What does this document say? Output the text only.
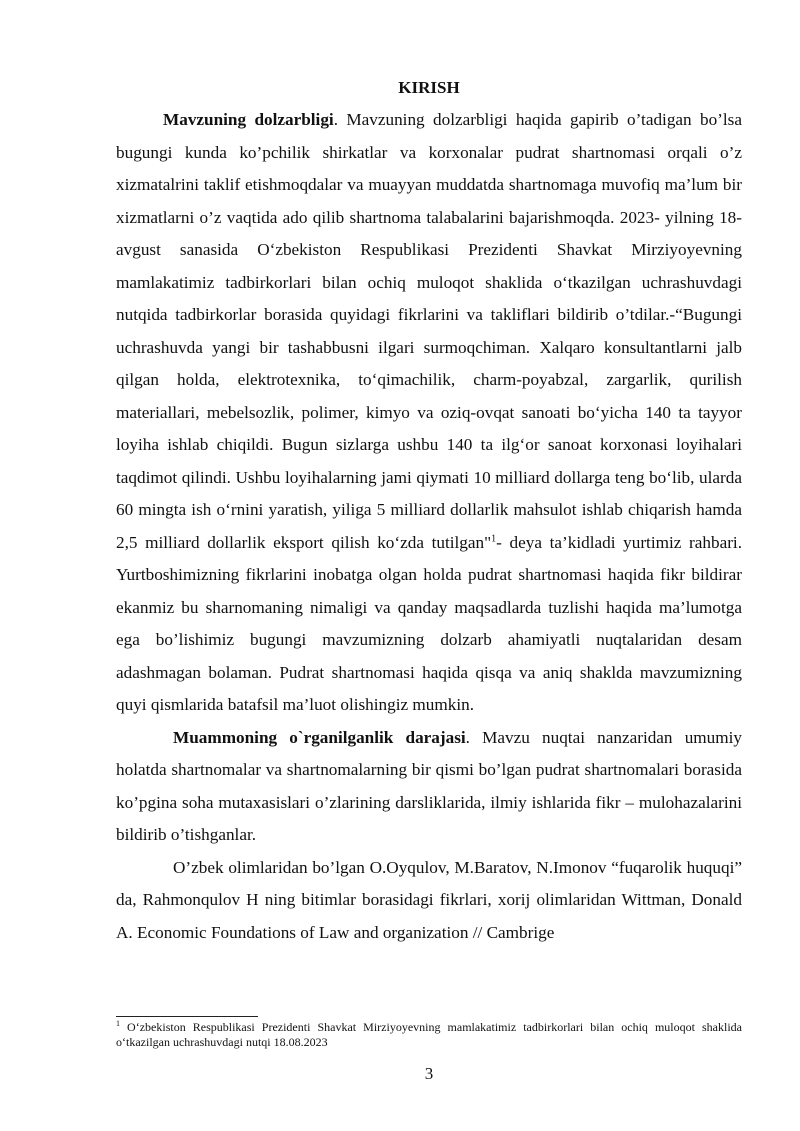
KIRISH

Mavzuning dolzarbligi. Mavzuning dolzarbligi haqida gapirib o’tadigan bo’lsa bugungi kunda ko’pchilik shirkatlar va korxonalar pudrat shartnomasi orqali o’z xizmatalrini taklif etishmoqdalar va muayyan muddatda shartnomaga muvofiq ma’lum bir xizmatlarni o’z vaqtida ado qilib shartnoma talabalarini bajarishmoqda. 2023- yilning 18-avgust sanasida O‘zbekiston Respublikasi Prezidenti Shavkat Mirziyoyevning mamlakatimiz tadbirkorlari bilan ochiq muloqot shaklida o‘tkazilgan uchrashuvdagi nutqida tadbirkorlar borasida quyidagi fikrlarini va takliflari bildirib o’tdilar.-“Bugungi uchrashuvda yangi bir tashabbusni ilgari surmoqchiman. Xalqaro konsultantlarni jalb qilgan holda, elektrotexnika, to‘qimachilik, charm-poyabzal, zargarlik, qurilish materiallari, mebelsozlik, polimer, kimyo va oziq-ovqat sanoati bo‘yicha 140 ta tayyor loyiha ishlab chiqildi. Bugun sizlarga ushbu 140 ta ilg‘or sanoat korxonasi loyihalari taqdimot qilindi. Ushbu loyihalarning jami qiymati 10 milliard dollarga teng bo‘lib, ularda 60 mingta ish o‘rnini yaratish, yiliga 5 milliard dollarlik mahsulot ishlab chiqarish hamda 2,5 milliard dollarlik eksport qilish ko‘zda tutilgan"$^1$- deya ta’kidladi yurtimiz rahbari. Yurtboshimizning fikrlarini inobatga olgan holda pudrat shartnomasi haqida fikr bildirar ekanmiz bu sharnomaning nimaligi va qanday maqsadlarda tuzlishi haqida ma’lumotga ega bo’lishimiz bugungi mavzumizning dolzarb ahamiyatli nuqtalaridan desam adashmagan bolaman. Pudrat shartnomasi haqida qisqa va aniq shaklda mavzumizning quyi qismlarida batafsil ma’luot olishingiz mumkin.

Muammoning o`rganilganlik darajasi. Mavzu nuqtai nanzaridan umumiy holatda shartnomalar va shartnomalarning bir qismi bo’lgan pudrat shartnomalari borasida ko’pgina soha mutaxasislari o’zlarining darsliklarida, ilmiy ishlarida fikr – mulohazalarini bildirib o’tishganlar.

O’zbek olimlaridan bo’lgan O.Oyqulov, M.Baratov, N.Imonov “fuqarolik huquqi” da, Rahmonqulov H ning bitimlar borasidagi fikrlari, xorij olimlaridan Wittman, Donald A. Economic Foundations of Law and organization // Cambrige

$^1$ O‘zbekiston Respublikasi Prezidenti Shavkat Mirziyoyevning mamlakatimiz tadbirkorlari bilan ochiq muloqot shaklida o‘tkazilgan uchrashuvdagi nutqi 18.08.2023
3
